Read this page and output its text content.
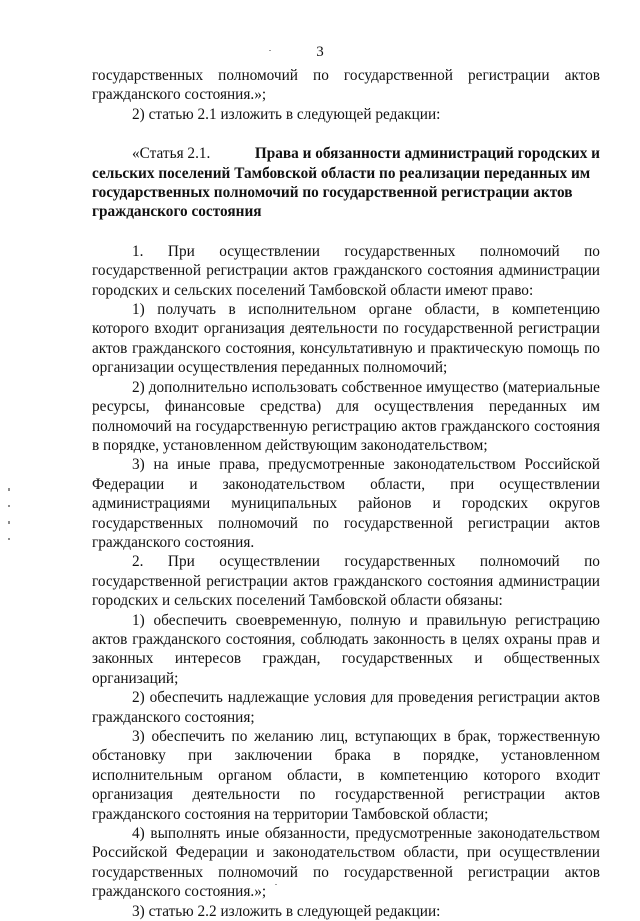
3
государственных полномочий по государственной регистрации актов
гражданского состояния.»;
2) статью 2.1 изложить в следующей редакции:
«Статья 2.1.	Права и обязанности администраций городских и
сельских поселений Тамбовской области по реализации переданных им
государственных полномочий по государственной регистрации актов
гражданского состояния
1. При осуществлении государственных полномочий по
государственной регистрации актов гражданского состояния администрации
городских и сельских поселений Тамбовской области имеют право:
1) получать в исполнительном органе области, в компетенцию
которого входит организация деятельности по государственной регистрации
актов гражданского состояния, консультативную и практическую помощь по
организации осуществления переданных полномочий;
2) дополнительно использовать собственное имущество (материальные
ресурсы, финансовые средства) для осуществления переданных им
полномочий на государственную регистрацию актов гражданского состояния
в порядке, установленном действующим законодательством;
3) на иные права, предусмотренные законодательством Российской
Федерации и законодательством области, при осуществлении
администрациями муниципальных районов и городских округов
государственных полномочий по государственной регистрации актов
гражданского состояния.
2. При осуществлении государственных полномочий по
государственной регистрации актов гражданского состояния администрации
городских и сельских поселений Тамбовской области обязаны:
1) обеспечить своевременную, полную и правильную регистрацию
актов гражданского состояния, соблюдать законность в целях охраны прав и
законных интересов граждан, государственных и общественных
организаций;
2) обеспечить надлежащие условия для проведения регистрации актов
гражданского состояния;
3) обеспечить по желанию лиц, вступающих в брак, торжественную
обстановку при заключении брака в порядке, установленном
исполнительным органом области, в компетенцию которого входит
организация деятельности по государственной регистрации актов
гражданского состояния на территории Тамбовской области;
4) выполнять иные обязанности, предусмотренные законодательством
Российской Федерации и законодательством области, при осуществлении
государственных полномочий по государственной регистрации актов
гражданского состояния.»;
3) статью 2.2 изложить в следующей редакции:
